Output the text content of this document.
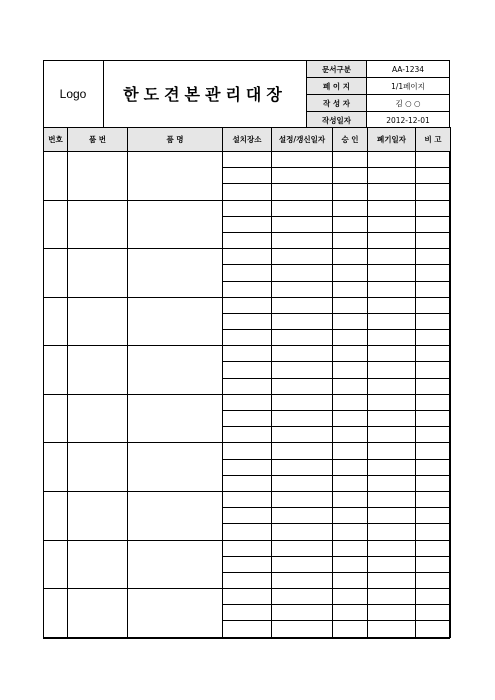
Logo	한도견본관리대장
문서구분	AA-1234
페 이 지	1/1페이지
작 성 자	김 ○ ○
작성일자	2012-12-01
번호	품 번	품 명	설치장소	설정/갱신일자	승 인	폐기일자	비 고
